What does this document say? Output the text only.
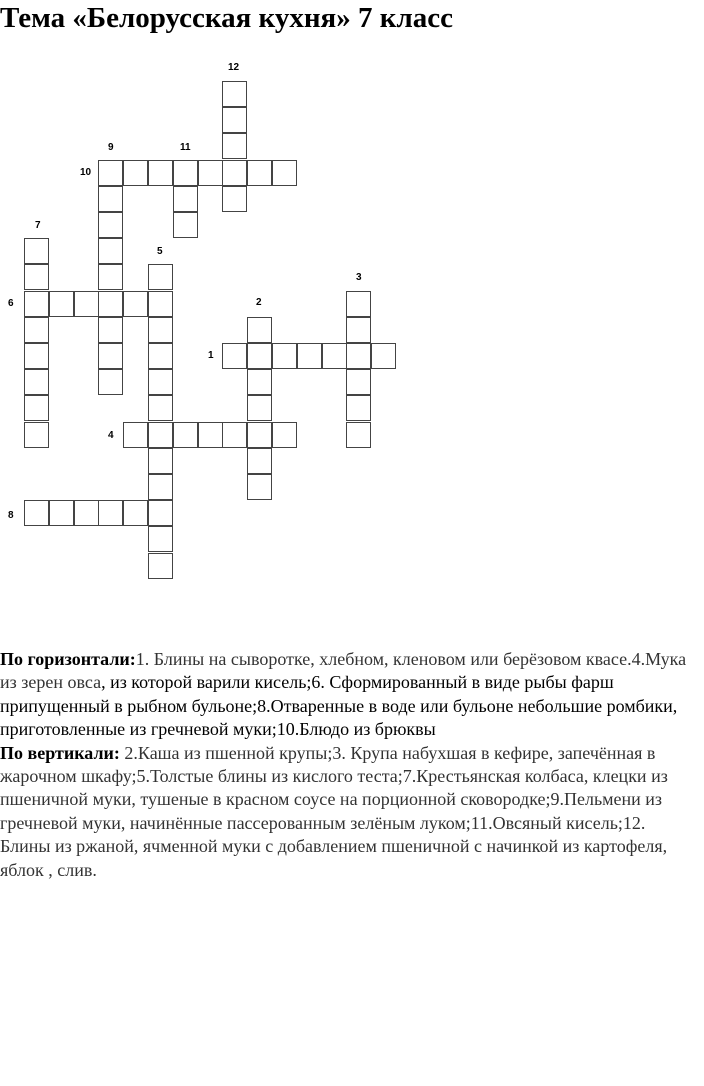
Тема «Белорусская кухня» 7 класс
1
2
3
4
5
6
7
8
9
10
11
12

По горизонтали:1. Блины на сыворотке, хлебном, кленовом или берёзовом квасе.4.Мука из зерен овса, из которой варили кисель;6. Сформированный в виде рыбы фарш припущенный в рыбном бульоне;8.Отваренные в воде или бульоне небольшие ромбики, приготовленные из гречневой муки;10.Блюдо из брюквы

По вертикали: 2.Каша из пшенной крупы;3. Крупа набухшая в кефире, запечённая в жарочном шкафу;5.Толстые блины из кислого теста;7.Крестьянская колбаса, клецки из пшеничной муки, тушеные в красном соусе на порционной сковородке;9.Пельмени из гречневой муки, начинённые пассерованным зелёным луком;11.Овсяный кисель;12. Блины из ржаной, ячменной муки с добавлением пшеничной с начинкой из картофеля, яблок , слив.
